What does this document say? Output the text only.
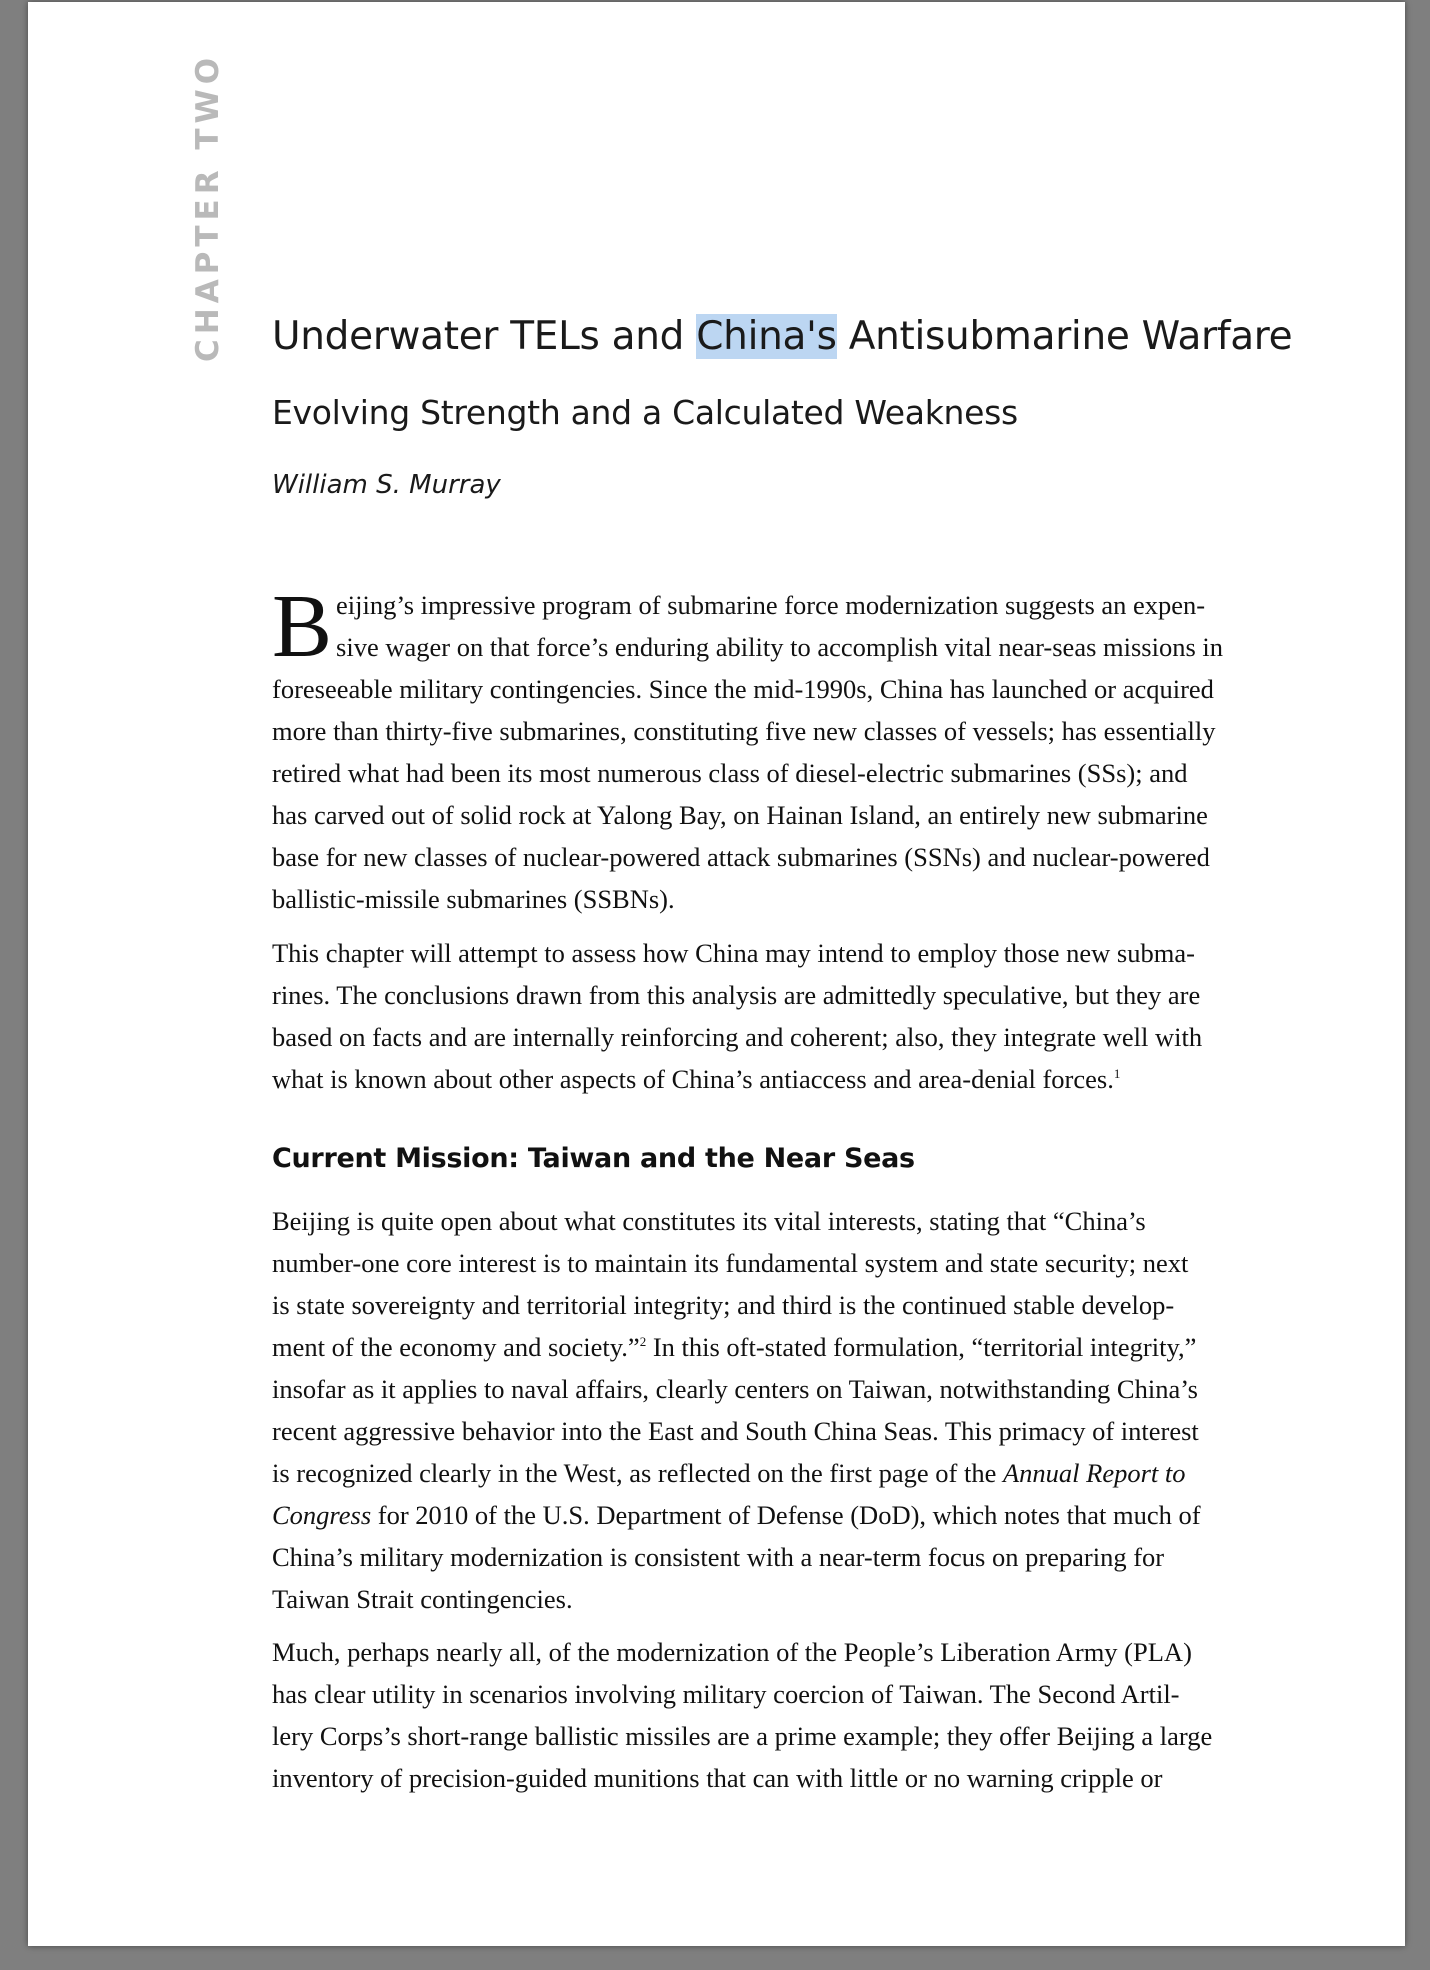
CHAPTER TWO Underwater TELs and China's Antisubmarine Warfare
Evolving Strength and a Calculated Weakness
William S. Murray
B eijing’s impressive program of submarine force modernization suggests an expen-
sive wager on that force’s enduring ability to accomplish vital near-seas missions in
foreseeable military contingencies. Since the mid-1990s, China has launched or acquired
more than thirty-five submarines, constituting five new classes of vessels; has essentially
retired what had been its most numerous class of diesel-electric submarines (SSs); and
has carved out of solid rock at Yalong Bay, on Hainan Island, an entirely new submarine
base for new classes of nuclear-powered attack submarines (SSNs) and nuclear-powered
ballistic-missile submarines (SSBNs).
This chapter will attempt to assess how China may intend to employ those new subma-
rines. The conclusions drawn from this analysis are admittedly speculative, but they are
based on facts and are internally reinforcing and coherent; also, they integrate well with
what is known about other aspects of China’s antiaccess and area-denial forces.$^1$
Current Mission: Taiwan and the Near Seas
Beijing is quite open about what constitutes its vital interests, stating that “China’s
number-one core interest is to maintain its fundamental system and state security; next
is state sovereignty and territorial integrity; and third is the continued stable develop-
ment of the economy and society.”$^2$ In this oft-stated formulation, “territorial integrity,”
insofar as it applies to naval affairs, clearly centers on Taiwan, notwithstanding China’s
recent aggressive behavior into the East and South China Seas. This primacy of interest
is recognized clearly in the West, as reflected on the first page of the Annual Report to
Congress for 2010 of the U.S. Department of Defense (DoD), which notes that much of
China’s military modernization is consistent with a near-term focus on preparing for
Taiwan Strait contingencies.
Much, perhaps nearly all, of the modernization of the People’s Liberation Army (PLA)
has clear utility in scenarios involving military coercion of Taiwan. The Second Artil-
lery Corps’s short-range ballistic missiles are a prime example; they offer Beijing a large
inventory of precision-guided munitions that can with little or no warning cripple or
